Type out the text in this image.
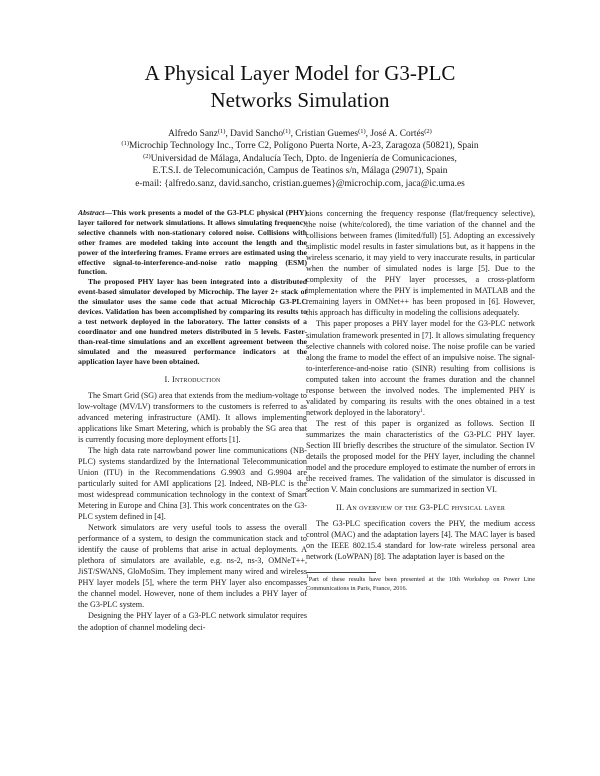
A Physical Layer Model for G3-PLC
Networks Simulation
Alfredo Sanz$^{(1)}$, David Sancho$^{(1)}$, Cristian Guemes$^{(1)}$, José A. Cortés$^{(2)}$
$^{(1)}$Microchip Technology Inc., Torre C2, Polígono Puerta Norte, A-23, Zaragoza (50821), Spain
$^{(2)}$Universidad de Málaga, Andalucía Tech, Dpto. de Ingeniería de Comunicaciones,
E.T.S.I. de Telecomunicación, Campus de Teatinos s/n, Málaga (29071), Spain
e-mail: {alfredo.sanz, david.sancho, cristian.guemes}@microchip.com, jaca@ic.uma.es

Abstract—This work presents a model of the G3-PLC physical (PHY) layer tailored for network simulations. It allows simulating frequency selective channels with non-stationary colored noise. Collisions with other frames are modeled taking into account the length and the power of the interfering frames. Frame errors are estimated using the effective signal-to-interference-and-noise ratio mapping (ESM) function.

The proposed PHY layer has been integrated into a distributed event-based simulator developed by Microchip. The layer 2+ stack of the simulator uses the same code that actual Microchip G3-PLC devices. Validation has been accomplished by comparing its results to a test network deployed in the laboratory. The latter consists of a coordinator and one hundred meters distributed in 5 levels. Faster-than-real-time simulations and an excellent agreement between the simulated and the measured performance indicators at the application layer have been obtained.

I. Introduction

The Smart Grid (SG) area that extends from the medium-voltage to low-voltage (MV/LV) transformers to the customers is referred to as advanced metering infrastructure (AMI). It allows implementing applications like Smart Metering, which is probably the SG area that is currently focusing more deployment efforts [1].

The high data rate narrowband power line communications (NB-PLC) systems standardized by the International Telecommunication Union (ITU) in the Recommendations G.9903 and G.9904 are particularly suited for AMI applications [2]. Indeed, NB-PLC is the most widespread communication technology in the context of Smart Metering in Europe and China [3]. This work concentrates on the G3-PLC system defined in [4].

Network simulators are very useful tools to assess the overall performance of a system, to design the communication stack and to identify the cause of problems that arise in actual deployments. A plethora of simulators are available, e.g. ns-2, ns-3, OMNeT++, JiST/SWANS, GloMoSim. They implement many wired and wireless PHY layer models [5], where the term PHY layer also encompasses the channel model. However, none of them includes a PHY layer of the G3-PLC system.

Designing the PHY layer of a G3-PLC network simulator requires the adoption of channel modeling deci-

sions concerning the frequency response (flat/frequency selective), the noise (white/colored), the time variation of the channel and the collisions between frames (limited/full) [5]. Adopting an excessively simplistic model results in faster simulations but, as it happens in the wireless scenario, it may yield to very inaccurate results, in particular when the number of simulated nodes is large [5]. Due to the complexity of the PHY layer processes, a cross-platform implementation where the PHY is implemented in MATLAB and the remaining layers in OMNet++ has been proposed in [6]. However, this approach has difficulty in modeling the collisions adequately.

This paper proposes a PHY layer model for the G3-PLC network simulation framework presented in [7]. It allows simulating frequency selective channels with colored noise. The noise profile can be varied along the frame to model the effect of an impulsive noise. The signal-to-interference-and-noise ratio (SINR) resulting from collisions is computed taken into account the frames duration and the channel response between the involved nodes. The implemented PHY is validated by comparing its results with the ones obtained in a test network deployed in the laboratory$^1$.

The rest of this paper is organized as follows. Section II summarizes the main characteristics of the G3-PLC PHY layer. Section III briefly describes the structure of the simulator. Section IV details the proposed model for the PHY layer, including the channel model and the procedure employed to estimate the number of errors in the received frames. The validation of the simulator is discussed in section V. Main conclusions are summarized in section VI.

II. An overview of the G3-PLC physical layer

The G3-PLC specification covers the PHY, the medium access control (MAC) and the adaptation layers [4]. The MAC layer is based on the IEEE 802.15.4 standard for low-rate wireless personal area network (LoWPAN) [8]. The adaptation layer is based on the

$^1$Part of these results have been presented at the 10th Workshop on Power Line Communications in Paris, France, 2016.
